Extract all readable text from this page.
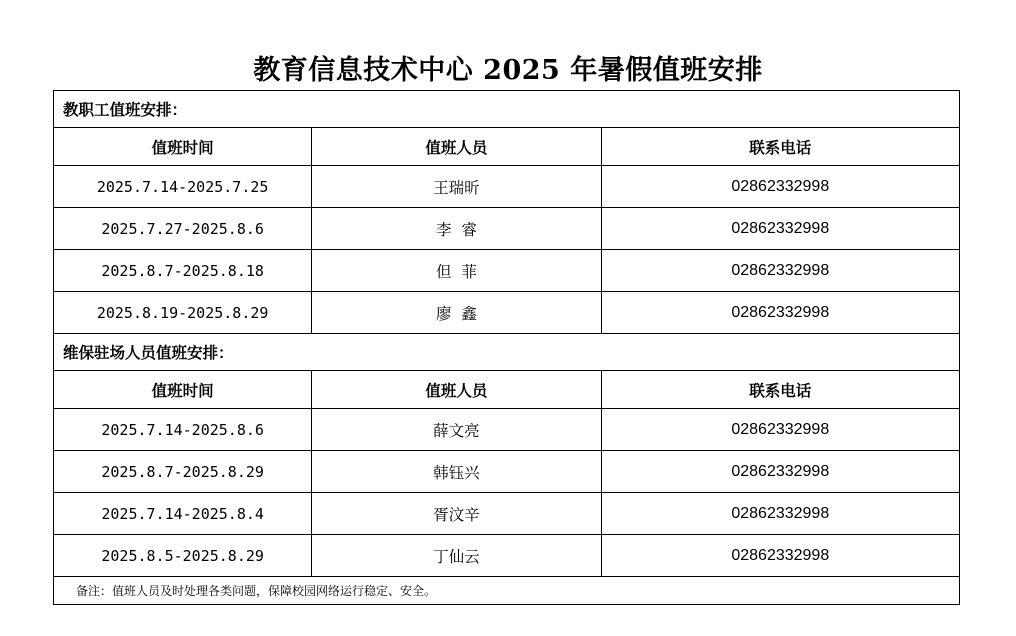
教育信息技术中心 2025 年暑假值班安排
教职工值班安排：		
值班时间	值班人员	联系电话
2025.7.14-2025.7.25	王瑞昕	02862332998
2025.7.27-2025.8.6	李  睿	02862332998
2025.8.7-2025.8.18	但  菲	02862332998
2025.8.19-2025.8.29	廖  鑫	02862332998
维保驻场人员值班安排：		
值班时间	值班人员	联系电话
2025.7.14-2025.8.6	薛文亮	02862332998
2025.8.7-2025.8.29	韩钰兴	02862332998
2025.7.14-2025.8.4	胥汶辛	02862332998
2025.8.5-2025.8.29	丁仙云	02862332998
备注：值班人员及时处理各类问题，保障校园网络运行稳定、安全。		
